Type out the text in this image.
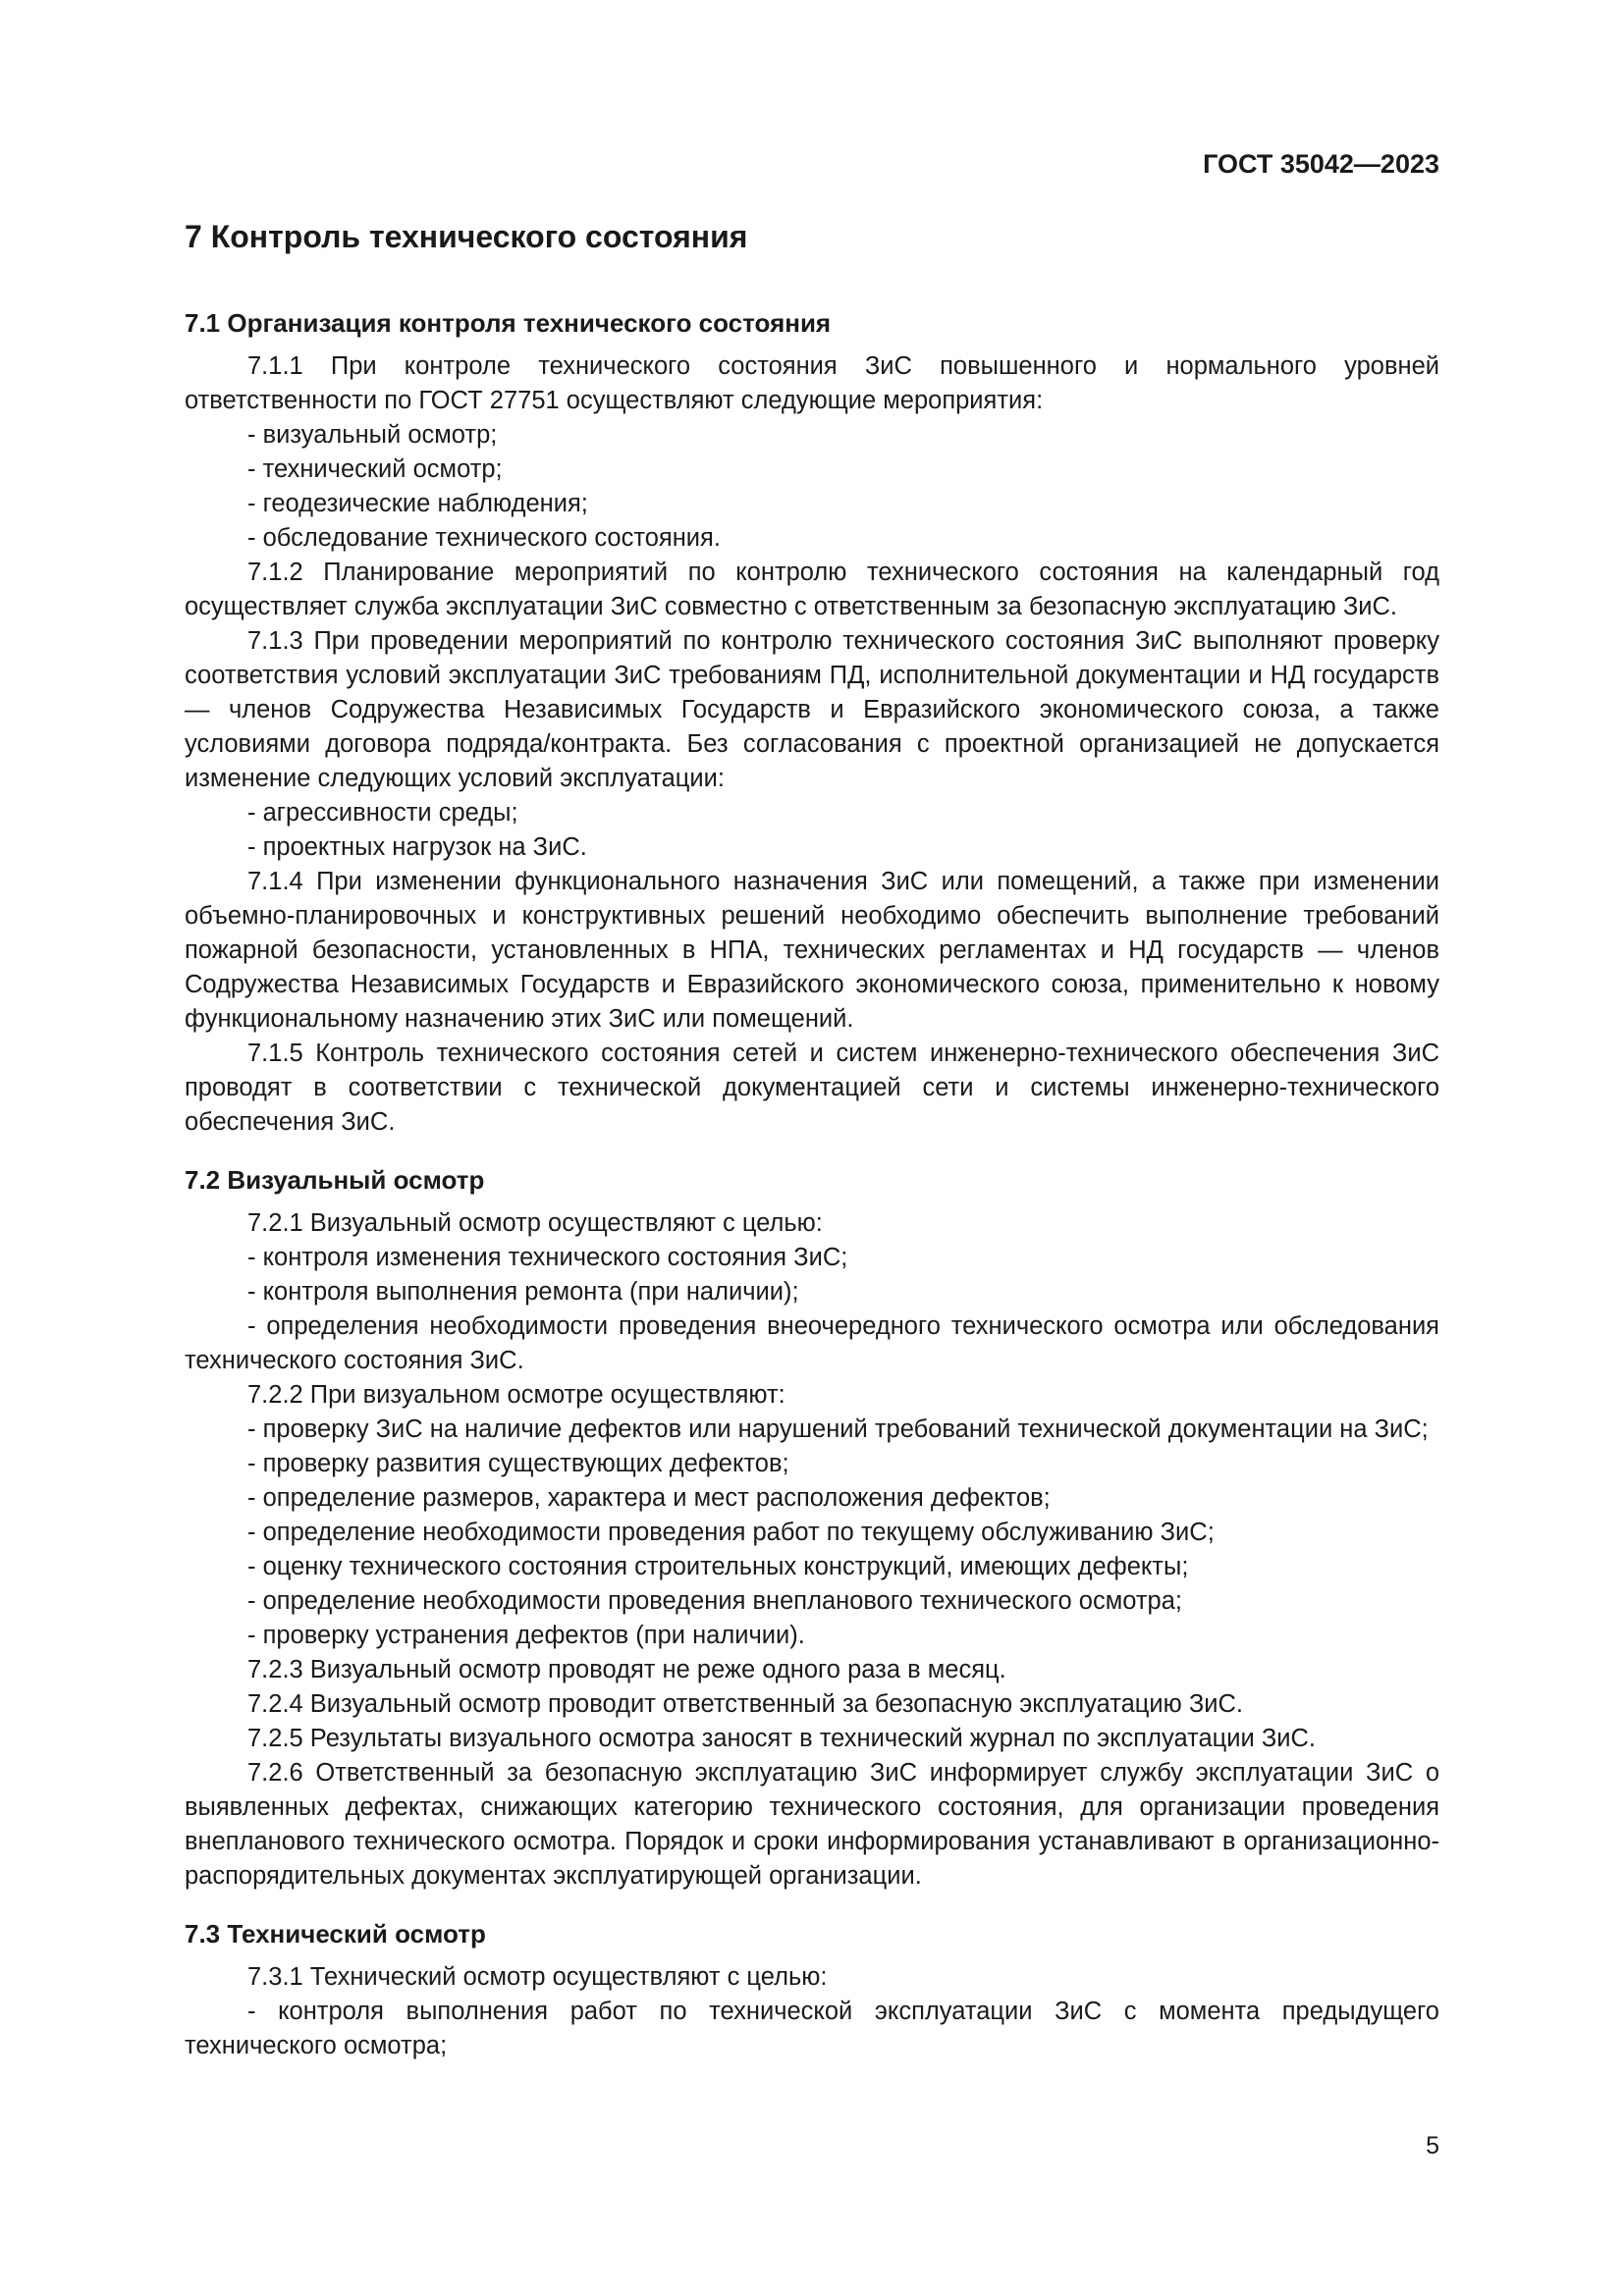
ГОСТ 35042—2023
7 Контроль технического состояния
7.1 Организация контроля технического состояния

7.1.1 При контроле технического состояния ЗиС повышенного и нормального уровней ответственности по ГОСТ 27751 осуществляют следующие мероприятия:

- визуальный осмотр;

- технический осмотр;

- геодезические наблюдения;

- обследование технического состояния.

7.1.2 Планирование мероприятий по контролю технического состояния на календарный год осуществляет служба эксплуатации ЗиС совместно с ответственным за безопасную эксплуатацию ЗиС.

7.1.3 При проведении мероприятий по контролю технического состояния ЗиС выполняют проверку соответствия условий эксплуатации ЗиС требованиям ПД, исполнительной документации и НД государств — членов Содружества Независимых Государств и Евразийского экономического союза, а также условиями договора подряда/контракта. Без согласования с проектной организацией не допускается изменение следующих условий эксплуатации:

- агрессивности среды;

- проектных нагрузок на ЗиС.

7.1.4 При изменении функционального назначения ЗиС или помещений, а также при изменении объемно-планировочных и конструктивных решений необходимо обеспечить выполнение требований пожарной безопасности, установленных в НПА, технических регламентах и НД государств — членов Содружества Независимых Государств и Евразийского экономического союза, применительно к новому функциональному назначению этих ЗиС или помещений.

7.1.5 Контроль технического состояния сетей и систем инженерно-технического обеспечения ЗиС проводят в соответствии с технической документацией сети и системы инженерно-технического обеспечения ЗиС.

7.2 Визуальный осмотр

7.2.1 Визуальный осмотр осуществляют с целью:

- контроля изменения технического состояния ЗиС;

- контроля выполнения ремонта (при наличии);

- определения необходимости проведения внеочередного технического осмотра или обследования технического состояния ЗиС.

7.2.2 При визуальном осмотре осуществляют:

- проверку ЗиС на наличие дефектов или нарушений требований технической документации на ЗиС;

- проверку развития существующих дефектов;

- определение размеров, характера и мест расположения дефектов;

- определение необходимости проведения работ по текущему обслуживанию ЗиС;

- оценку технического состояния строительных конструкций, имеющих дефекты;

- определение необходимости проведения внепланового технического осмотра;

- проверку устранения дефектов (при наличии).

7.2.3 Визуальный осмотр проводят не реже одного раза в месяц.

7.2.4 Визуальный осмотр проводит ответственный за безопасную эксплуатацию ЗиС.

7.2.5 Результаты визуального осмотра заносят в технический журнал по эксплуатации ЗиС.

7.2.6 Ответственный за безопасную эксплуатацию ЗиС информирует службу эксплуатации ЗиС о выявленных дефектах, снижающих категорию технического состояния, для организации проведения внепланового технического осмотра. Порядок и сроки информирования устанавливают в организационно-распорядительных документах эксплуатирующей организации.

7.3 Технический осмотр

7.3.1 Технический осмотр осуществляют с целью:

- контроля выполнения работ по технической эксплуатации ЗиС с момента предыдущего технического осмотра;

5
